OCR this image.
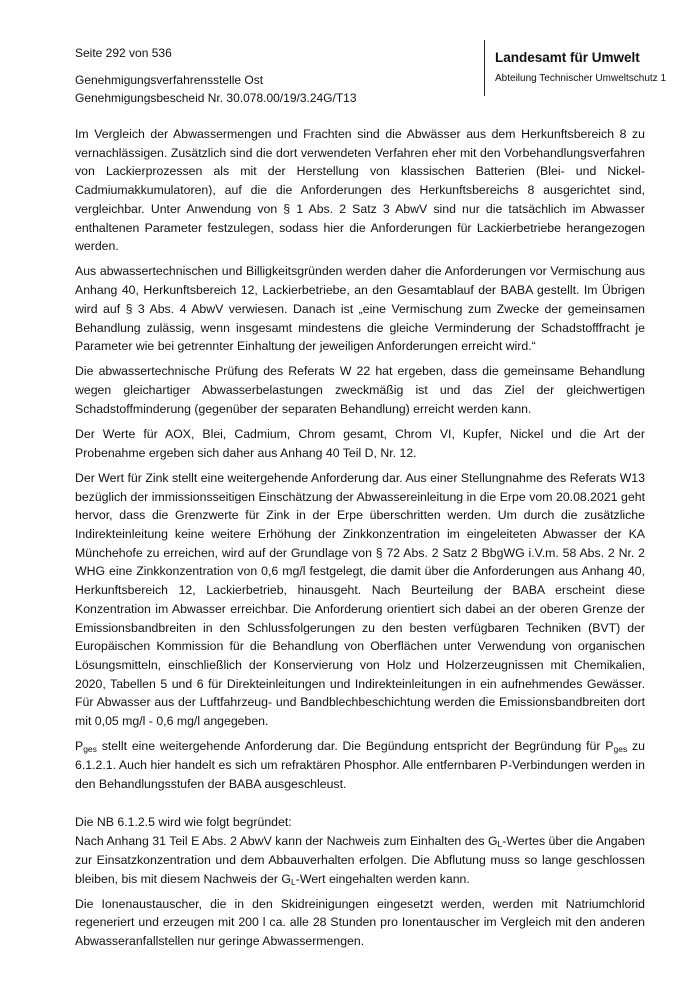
Seite 292 von 536
Genehmigungsverfahrensstelle Ost
Genehmigungsbescheid Nr. 30.078.00/19/3.24G/T13
Landesamt für Umwelt
Abteilung Technischer Umweltschutz 1

Im Vergleich der Abwassermengen und Frachten sind die Abwässer aus dem Herkunftsbereich 8 zu vernachlässigen. Zusätzlich sind die dort verwendeten Verfahren eher mit den Vorbehandlungsverfahren von Lackierprozessen als mit der Herstellung von klassischen Batterien (Blei- und Nickel-Cadmiumakkumulatoren), auf die die Anforderungen des Herkunftsbereichs 8 ausgerichtet sind, vergleichbar. Unter Anwendung von § 1 Abs. 2 Satz 3 AbwV sind nur die tatsächlich im Abwasser enthaltenen Parameter festzulegen, sodass hier die Anforderungen für Lackierbetriebe herangezogen werden.

Aus abwassertechnischen und Billigkeitsgründen werden daher die Anforderungen vor Vermischung aus Anhang 40, Herkunftsbereich 12, Lackierbetriebe, an den Gesamtablauf der BABA gestellt. Im Übrigen wird auf § 3 Abs. 4 AbwV verwiesen. Danach ist „eine Vermischung zum Zwecke der gemeinsamen Behandlung zulässig, wenn insgesamt mindestens die gleiche Verminderung der Schadstofffracht je Parameter wie bei getrennter Einhaltung der jeweiligen Anforderungen erreicht wird.“

Die abwassertechnische Prüfung des Referats W 22 hat ergeben, dass die gemeinsame Behandlung wegen gleichartiger Abwasserbelastungen zweckmäßig ist und das Ziel der gleichwertigen Schadstoffminderung (gegenüber der separaten Behandlung) erreicht werden kann.

Der Werte für AOX, Blei, Cadmium, Chrom gesamt, Chrom VI, Kupfer, Nickel und die Art der Probenahme ergeben sich daher aus Anhang 40 Teil D, Nr. 12.

Der Wert für Zink stellt eine weitergehende Anforderung dar. Aus einer Stellungnahme des Referats W13 bezüglich der immissionsseitigen Einschätzung der Abwassereinleitung in die Erpe vom 20.08.2021 geht hervor, dass die Grenzwerte für Zink in der Erpe überschritten werden. Um durch die zusätzliche Indirekteinleitung keine weitere Erhöhung der Zinkkonzentration im eingeleiteten Abwasser der KA Münchehofe zu erreichen, wird auf der Grundlage von § 72 Abs. 2 Satz 2 BbgWG i.V.m. 58 Abs. 2 Nr. 2 WHG eine Zinkkonzentration von 0,6 mg/l festgelegt, die damit über die Anforderungen aus Anhang 40, Herkunftsbereich 12, Lackierbetrieb, hinausgeht. Nach Beurteilung der BABA erscheint diese Konzentration im Abwasser erreichbar. Die Anforderung orientiert sich dabei an der oberen Grenze der Emissionsbandbreiten in den Schlussfolgerungen zu den besten verfügbaren Techniken (BVT) der Europäischen Kommission für die Behandlung von Oberflächen unter Verwendung von organischen Lösungsmitteln, einschließlich der Konservierung von Holz und Holzerzeugnissen mit Chemikalien, 2020, Tabellen 5 und 6 für Direkteinleitungen und Indirekteinleitungen in ein aufnehmendes Gewässer. Für Abwasser aus der Luftfahrzeug- und Bandblechbeschichtung werden die Emissionsbandbreiten dort mit 0,05 mg/l - 0,6 mg/l angegeben.

$P_{ges}$ stellt eine weitergehende Anforderung dar. Die Begündung entspricht der Begründung für $P_{ges}$ zu 6.1.2.1. Auch hier handelt es sich um refraktären Phosphor. Alle entfernbaren P-Verbindungen werden in den Behandlungsstufen der BABA ausgeschleust.

Die NB 6.1.2.5 wird wie folgt begründet:

Nach Anhang 31 Teil E Abs. 2 AbwV kann der Nachweis zum Einhalten des $G_L$-Wertes über die Angaben zur Einsatzkonzentration und dem Abbauverhalten erfolgen. Die Abflutung muss so lange geschlossen bleiben, bis mit diesem Nachweis der $G_L$-Wert eingehalten werden kann.

Die Ionenaustauscher, die in den Skidreinigungen eingesetzt werden, werden mit Natriumchlorid regeneriert und erzeugen mit 200 l ca. alle 28 Stunden pro Ionentauscher im Vergleich mit den anderen Abwasseranfallstellen nur geringe Abwassermengen.
